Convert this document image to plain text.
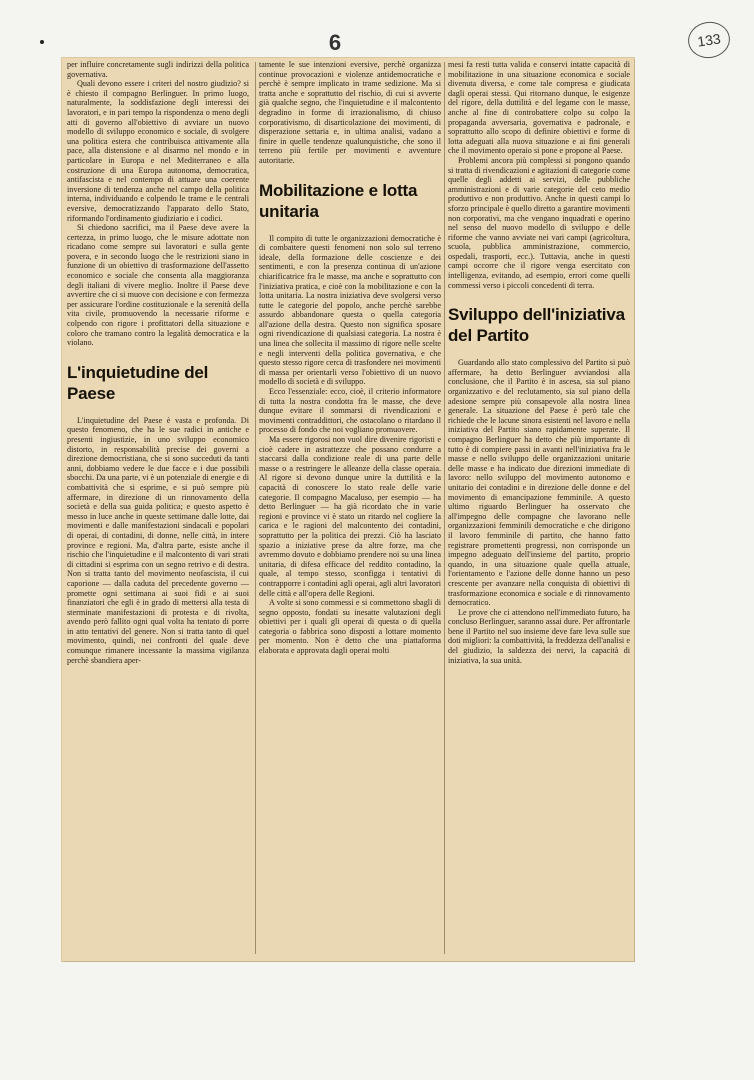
6	133

per influire concretamente sugli indirizzi della politica governativa.

Quali devono essere i criteri del nostro giudizio? si è chiesto il compagno Berlinguer. In primo luogo, naturalmente, la soddisfazione degli interessi dei lavoratori, e in pari tempo la rispondenza o meno degli atti di governo all'obiettivo di avviare un nuovo modello di sviluppo economico e sociale, di svolgere una politica estera che contribuisca attivamente alla pace, alla distensione e al disarmo nel mondo e in particolare in Europa e nel Mediterraneo e alla costruzione di una Europa autonoma, democratica, antifascista e nel contempo di attuare una coerente inversione di tendenza anche nel campo della politica interna, individuando e colpendo le trame e le centrali eversive, democratizzando l'apparato dello Stato, riformando l'ordinamento giudiziario e i codici.

Si chiedono sacrifici, ma il Paese deve avere la certezza, in primo luogo, che le misure adottate non ricadano come sempre sui lavoratori e sulla gente povera, e in secondo luogo che le restrizioni siano in funzione di un obiettivo di trasformazione dell'assetto economico e sociale che consenta alla maggioranza degli italiani di vivere meglio. Inoltre il Paese deve avvertire che ci si muove con decisione e con fermezza per assicurare l'ordine costituzionale e la serenità della vita civile, promuovendo la necessarie riforme e colpendo con rigore i profittatori della situazione e coloro che tramano contro la legalità democratica e la violano.

L'inquietudine del Paese

L'inquietudine del Paese è vasta e profonda. Di questo fenomeno, che ha le sue radici in antiche e presenti ingiustizie, in uno sviluppo economico distorto, in responsabilità precise dei governi a direzione democristiana, che si sono succeduti da tanti anni, dobbiamo vedere le due facce e i due possibili sbocchi. Da una parte, vi è un potenziale di energie e di combattività che si esprime, e si può sempre più affermare, in direzione di un rinnovamento della società e della sua guida politica; e questo aspetto è messo in luce anche in queste settimane dalle lotte, dai movimenti e dalle manifestazioni sindacali e popolari di operai, di contadini, di donne, nelle città, in intere province e regioni. Ma, d'altra parte, esiste anche il rischio che l'inquietudine e il malcontento di vari strati di cittadini si esprima con un segno retrivo e di destra. Non si tratta tanto del movimento neofascista, il cui caporione — dalla caduta del precedente governo — promette ogni settimana ai suoi fidi e ai suoi finanziatori che egli è in grado di mettersi alla testa di sterminate manifestazioni di protesta e di rivolta, avendo però fallito ogni qual volta ha tentato di porre in atto tentativi del genere. Non si tratta tanto di quel movimento, quindi, nei confronti del quale deve comunque rimanere incessante la massima vigilanza perchè sbandiera aper-

tamente le sue intenzioni eversive, perchè organizza continue provocazioni e violenze antidemocratiche e perchè è sempre implicato in trame sedizione. Ma si tratta anche e soprattutto del rischio, di cui si avverte già qualche segno, che l'inquietudine e il malcontento degradino in forme di irrazionalismo, di chiuso corporativismo, di disarticolazione dei movimenti, di disperazione settaria e, in ultima analisi, vadano a finire in quelle tendenze qualunquistiche, che sono il terreno più fertile per movimenti e avventure autoritarie.

Mobilitazione e lotta unitaria

Il compito di tutte le organizzazioni democratiche è di combattere questi fenomeni non solo sul terreno ideale, della formazione delle coscienze e dei sentimenti, e con la presenza continua di un'azione chiarificatrice fra le masse, ma anche e soprattutto con l'iniziativa pratica, e cioè con la mobilitazione e con la lotta unitaria. La nostra iniziativa deve svolgersi verso tutte le categorie del popolo, anche perchè sarebbe assurdo abbandonare questa o quella categoria all'azione della destra. Questo non significa sposare ogni rivendicazione di qualsiasi categoria. La nostra è una linea che sollecita il massimo di rigore nelle scelte e negli interventi della politica governativa, e che questo stesso rigore cerca di trasfondere nei movimenti di massa per orientarli verso l'obiettivo di un nuovo modello di società e di sviluppo.

Ecco l'essenziale: ecco, cioè, il criterio informatore di tutta la nostra condotta fra le masse, che deve dunque evitare il sommarsi di rivendicazioni e movimenti contraddittori, che ostacolano o ritardano il processo di fondo che noi vogliano promuovere.

Ma essere rigorosi non vuol dire divenire rigoristi e cioè cadere in astrattezze che possano condurre a staccarsi dalla condizione reale di una parte delle masse o a restringere le alleanze della classe operaia. Al rigore si devono dunque unire la duttilità e la capacità di conoscere lo stato reale delle varie categorie. Il compagno Macaluso, per esempio — ha detto Berlinguer — ha già ricordato che in varie regioni e province vi è stato un ritardo nel cogliere la carica e le ragioni del malcontento dei contadini, soprattutto per la politica dei prezzi. Ciò ha lasciato spazio a iniziative prese da altre forze, ma che avremmo dovuto e dobbiamo prendere noi su una linea unitaria, di difesa efficace del reddito contadino, la quale, al tempo stesso, sconfigga i tentativi di contrapporre i contadini agli operai, agli altri lavoratori delle città e all'opera delle Regioni.

A volte si sono commessi e si commettono sbagli di segno opposto, fondati su inesatte valutazioni degli obiettivi per i quali gli operai di questa o di quella categoria o fabbrica sono disposti a lottare momento per momento. Non è detto che una piattaforma elaborata e approvata dagli operai molti

mesi fa resti tutta valida e conservi intatte capacità di mobilitazione in una situazione economica e sociale divenuta diversa, e come tale compresa e giudicata dagli operai stessi. Qui ritornano dunque, le esigenze del rigore, della duttilità e del legame con le masse, anche al fine di controbattere colpo su colpo la propaganda avversaria, governativa e padronale, e soprattutto allo scopo di definire obiettivi e forme di lotta adeguati alla nuova situazione e ai fini generali che il movimento operaio si pone e propone al Paese.

Problemi ancora più complessi si pongono quando si tratta di rivendicazioni e agitazioni di categorie come quelle degli addetti ai servizi, delle pubbliche amministrazioni e di varie categorie del ceto medio produttivo e non produttivo. Anche in questi campi lo sforzo principale è quello diretto a garantire movimenti non corporativi, ma che vengano inquadrati e operino nel senso del nuovo modello di sviluppo e delle riforme che vanno avviate nei vari campi (agricoltura, scuola, pubblica amministrazione, commercio, ospedali, trasporti, ecc.). Tuttavia, anche in questi campi occorre che il rigore venga esercitato con intelligenza, evitando, ad esempio, errori come quelli commessi verso i piccoli concedenti di terra.

Sviluppo dell'iniziativa del Partito

Guardando allo stato complessivo del Partito si può affermare, ha detto Berlinguer avviandosi alla conclusione, che il Partito è in ascesa, sia sul piano organizzativo e del reclutamento, sia sul piano della adesione sempre più consapevole alla nostra linea generale. La situazione del Paese è però tale che richiede che le lacune sinora esistenti nel lavoro e nella iniziativa del Partito siano rapidamente superate. Il compagno Berlinguer ha detto che più importante di tutto è di compiere passi in avanti nell'iniziativa fra le masse e nello sviluppo delle organizzazioni unitarie delle masse e ha indicato due direzioni immediate di lavoro: nello sviluppo del movimento autonomo e unitario dei contadini e in direzione delle donne e del movimento di emancipazione femminile. A questo ultimo riguardo Berlinguer ha osservato che all'impegno delle compagne che lavorano nelle organizzazioni femminili democratiche e che dirigono il lavoro femminile di partito, che hanno fatto registrare promettenti progressi, non corrisponde un impegno adeguato dell'insieme del partito, proprio quando, in una situazione quale quella attuale, l'orientamento e l'azione delle donne hanno un peso crescente per avanzare nella conquista di obiettivi di trasformazione economica e sociale e di rinnovamento democratico.

Le prove che ci attendono nell'immediato futuro, ha concluso Berlinguer, saranno assai dure. Per affrontarle bene il Partito nel suo insieme deve fare leva sulle sue doti migliori: la combattività, la freddezza dell'analisi e del giudizio, la saldezza dei nervi, la capacità di iniziativa, la sua unità.
